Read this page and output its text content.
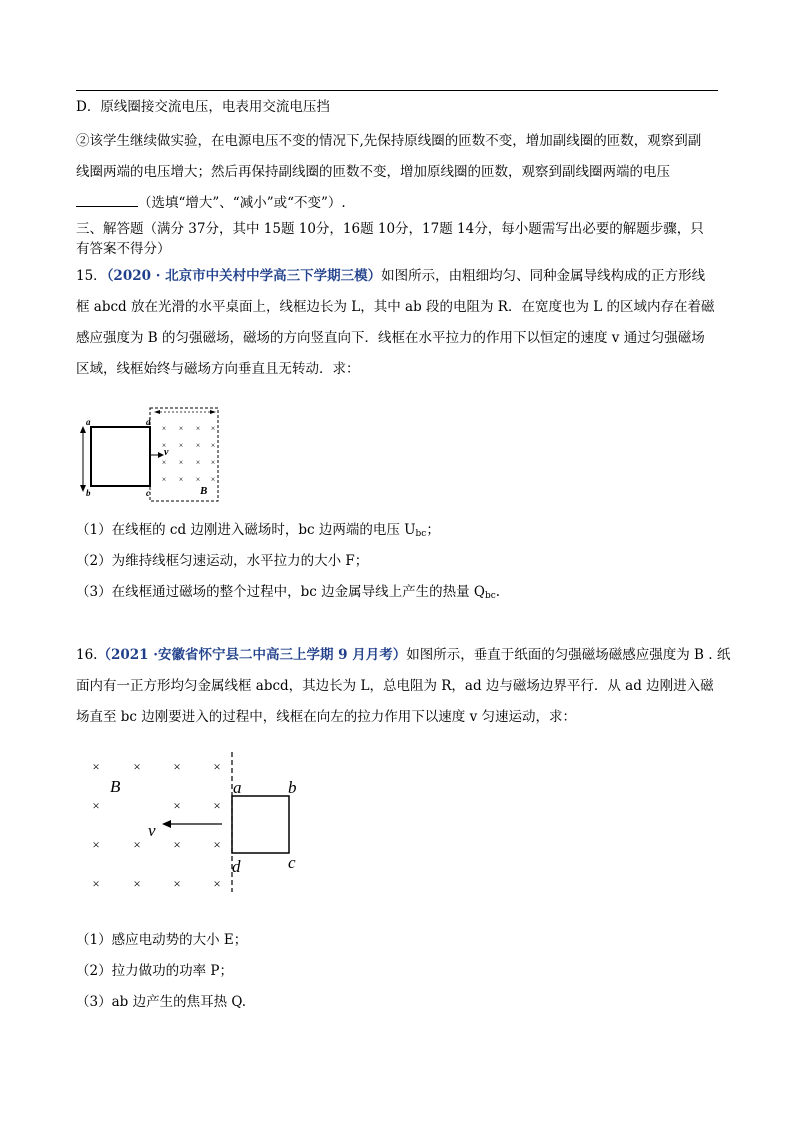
D．原线圈接交流电压，电表用交流电压挡
②该学生继续做实验，在电源电压不变的情况下,先保持原线圈的匝数不变，增加副线圈的匝数，观察到副
线圈两端的电压增大；然后再保持副线圈的匝数不变，增加原线圈的匝数，观察到副线圈两端的电压
（选填“增大”、“减小”或“不变”）.
三、解答题（满分 37分，其中 15题 10分，16题 10分，17题 14分，每小题需写出必要的解题步骤，只
有答案不得分）
15．（2020 · 北京市中关村中学高三下学期三模）如图所示，由粗细均匀、同种金属导线构成的正方形线
框 abcd 放在光滑的水平桌面上，线框边长为 L，其中 ab 段的电阻为 R．在宽度也为 L 的区域内存在着磁
感应强度为 B 的匀强磁场，磁场的方向竖直向下．线框在水平拉力的作用下以恒定的速度 v 通过匀强磁场
区域，线框始终与磁场方向垂直且无转动．求：
× × × ×
× × × ×
× × × ×
× × × ×
v
a	d
b	c	B
（1）在线框的 cd 边刚进入磁场时，bc 边两端的电压 $U_{bc}$；
（2）为维持线框匀速运动，水平拉力的大小 F；
（3）在线框通过磁场的整个过程中，bc 边金属导线上产生的热量 $Q_{bc}$.
16.（2021 ·安徽省怀宁县二中高三上学期 9 月月考）如图所示，垂直于纸面的匀强磁场磁感应强度为 B . 纸
面内有一正方形均匀金属线框 abcd，其边长为 L，总电阻为 R，ad 边与磁场边界平行．从 ad 边刚进入磁
场直至 bc 边刚要进入的过程中，线框在向左的拉力作用下以速度 v 匀速运动，求：
×	×	×	×
×	×	×
×	×	×	×
×	×	×	×
B
v
a	b
d	c
（1）感应电动势的大小 E；
（2）拉力做功的功率 P；
（3）ab 边产生的焦耳热 Q.
